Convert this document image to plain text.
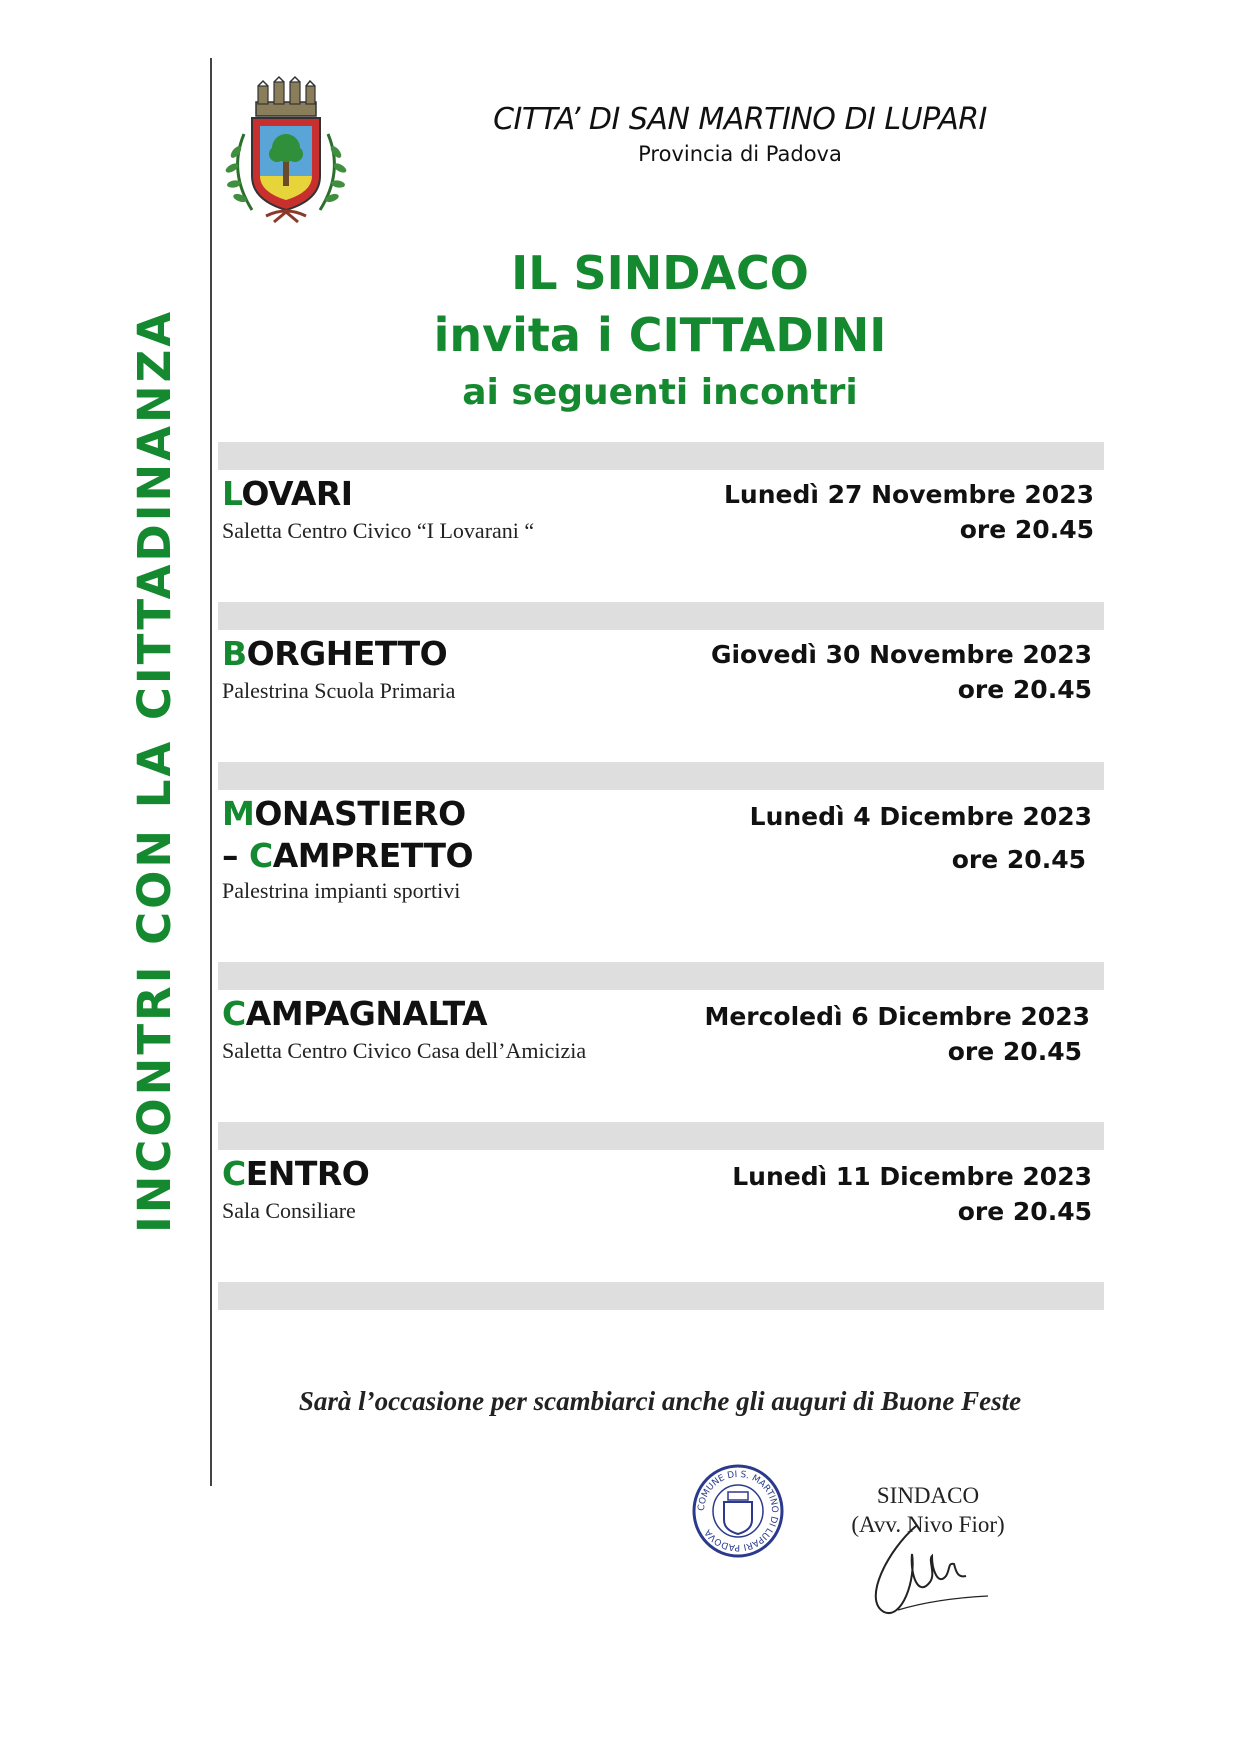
INCONTRI CON LA CITTADINANZA
CITTA’ DI SAN MARTINO DI LUPARI
Provincia di Padova
IL SINDACO
invita i CITTADINI
ai seguenti incontri
LOVARI
Saletta Centro Civico “I Lovarani “
Lunedì 27 Novembre 2023
ore 20.45
BORGHETTO
Palestrina Scuola Primaria
Giovedì 30 Novembre 2023
ore 20.45
MONASTIERO
– CAMPRETTO
Palestrina impianti sportivi
Lunedì 4 Dicembre 2023
ore 20.45
CAMPAGNALTA
Saletta Centro Civico Casa dell’Amicizia
Mercoledì 6 Dicembre 2023
ore 20.45
CENTRO
Sala Consiliare
Lunedì 11 Dicembre 2023
ore 20.45
Sarà l’occasione per scambiarci anche gli auguri di Buone Feste
COMUNE DI S. MARTINO DI LUPARI PADOVA
SINDACO
(Avv. Nivo Fior)
